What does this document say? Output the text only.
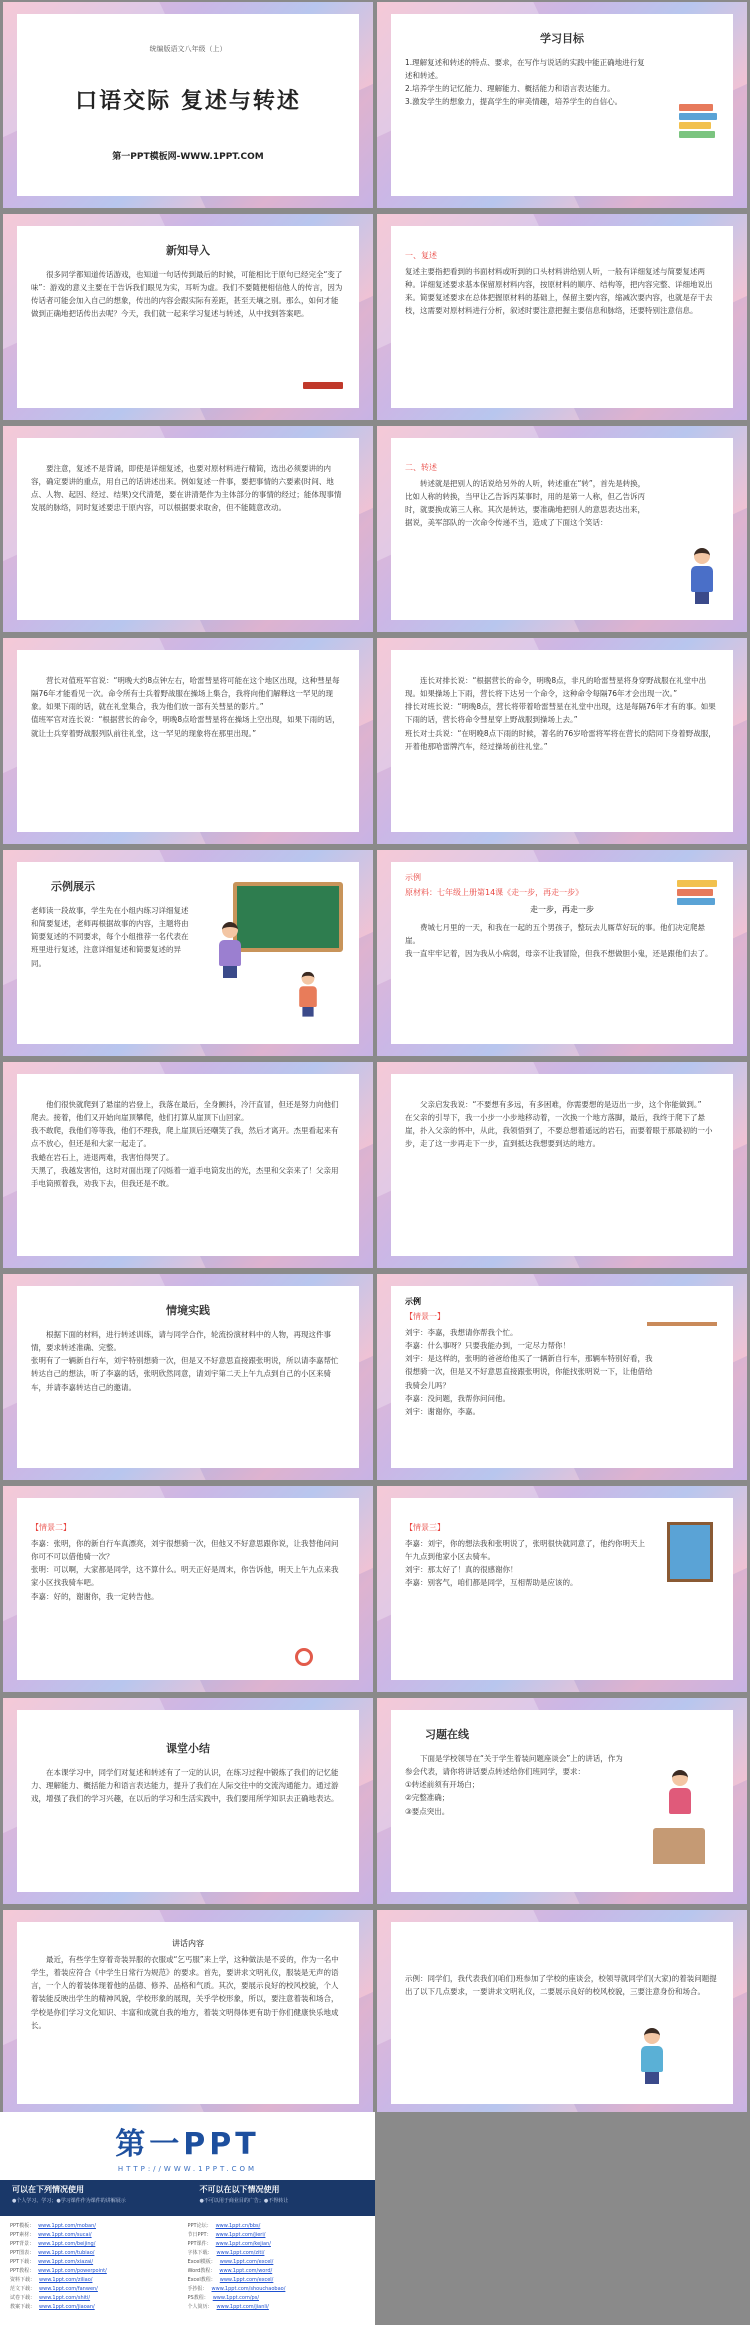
统编版语文八年级（上）
口语交际 复述与转述
第一PPT模板网-WWW.1PPT.COM
学习目标

1.理解复述和转述的特点、要求，在写作与说话的实践中能正确地进行复述和转述。

2.培养学生的记忆能力、理解能力、概括能力和语言表达能力。

3.激发学生的想象力，提高学生的审美情趣，培养学生的自信心。

新知导入

很多同学都知道传话游戏，也知道一句话传到最后的时候，可能相比于原句已经完全“变了味”：游戏的意义主要在于告诉我们眼见为实，耳听为虚。我们不要随便相信他人的传言，因为传话者可能会加入自己的想象，传出的内容会跟实际有差距，甚至天壤之别。那么，如何才能做到正确地把话传出去呢？今天，我们就一起来学习复述与转述，从中找到答案吧。

一、复述

复述主要指把看到的书面材料或听到的口头材料讲给别人听，一般有详细复述与简要复述两种。详细复述要求基本保留原材料内容，按原材料的顺序、结构等，把内容完整、详细地说出来。简要复述要求在总体把握原材料的基础上，保留主要内容，缩减次要内容，也就是存干去枝，这需要对原材料进行分析，叙述时要注意把握主要信息和脉络，还要特别注意信息。

要注意，复述不是背诵，即使是详细复述，也要对原材料进行精简，选出必须要讲的内容，确定要讲的重点，用自己的话讲述出来。例如复述一件事，要把事情的六要素(时间、地点、人物、起因、经过、结果)交代清楚，要在讲清楚作为主体部分的事情的经过；能体现事情发展的脉络，同时复述要忠于原内容，可以根据要求取舍，但不能随意改动。

二、转述

转述就是把别人的话说给另外的人听，转述重在“转”，首先是转换，比如人称的转换，当甲让乙告诉丙某事时，用的是第一人称，但乙告诉丙时，就要换成第三人称。其次是转达，要准确地把别人的意思表达出来，据说，美军部队的一次命令传递不当，造成了下面这个笑话：

营长对值班军官说：“明晚大约8点钟左右，哈雷彗星将可能在这个地区出现，这种彗星每隔76年才能看见一次。命令所有士兵着野战服在操场上集合，我将向他们解释这一罕见的现象。如果下雨的话，就在礼堂集合，我为他们放一部有关彗星的影片。”
值班军官对连长说：“根据营长的命令，明晚8点哈雷彗星将在操场上空出现，如果下雨的话，就让士兵穿着野战服列队前往礼堂，这一罕见的现象将在那里出现。”

连长对排长说：“根据营长的命令，明晚8点，非凡的哈雷彗星将身穿野战服在礼堂中出现。如果操场上下雨，营长将下达另一个命令，这种命令每隔76年才会出现一次。”
排长对班长说：“明晚8点，营长将带着哈雷彗星在礼堂中出现，这是每隔76年才有的事。如果下雨的话，营长将命令彗星穿上野战服到操场上去。”
班长对士兵说：“在明晚8点下雨的时候，著名的76岁哈雷将军将在营长的陪同下身着野战服，开着他那哈雷牌汽车，经过操场前往礼堂。”

示例展示

老师读一段故事，学生先在小组内练习详细复述和简要复述，老师再根据故事的内容，主题将由简要复述的不同要求，每个小组推荐一名代表在班里进行复述，注意详细复述和简要复述的异同。

示例
原材料：七年级上册第14课《走一步，再走一步》
走一步，再走一步

费城七月里的一天，和我在一起的五个男孩子，整玩去儿厮草好玩的事。他们决定爬悬崖。
我一直牢牢记着，因为我从小病弱，母亲不让我冒险，但我不想做胆小鬼，还是跟他们去了。

他们很快就爬到了悬崖的岩登上，我落在最后，全身颤抖，冷汗直冒，但还是努力向他们爬去。接着，他们又开始向崖顶攀爬，他们打算从崖顶下山回家。
我不敢爬，我他们等等我，他们不理我，爬上崖顶后还嘲笑了我，然后才离开。杰里看起来有点不放心，但还是和大家一起走了。
我蜷在岩石上，进退两难，我害怕得哭了。
天黑了，我越发害怕，这时对面出现了闪烁着一道手电筒发出的光，杰里和父亲来了！父亲用手电筒照着我，劝我下去，但我还是不敢。

父亲启发我说：“不要想有多远，有多困难，你需要想的是迈出一步，这个你能做到。”
在父亲的引导下，我一小步一小步地移动着，一次换一个地方落脚，最后，我终于爬下了悬崖，扑入父亲的怀中，从此，我领悟到了，不要总想着遥远的岩石，而要着眼于那最初的一小步，走了这一步再走下一步，直到抵达我想要到达的地方。

情境实践

根据下面的材料，进行转述训练，请与同学合作，轮流扮演材料中的人物，再现这件事情，要求转述准确、完整。
张明有了一辆新自行车，刘宇特别想骑一次，但是又不好意思直接跟张明说，所以请李嘉帮忙转达自己的想法，听了李嘉的话，张明欣然同意，请刘宇第二天上午九点到自己的小区来骑车，并请李嘉转达自己的邀请。

示例
【情景一】

刘宇：李嘉，我想请你帮我个忙。
李嘉：什么事呀？只要我能办到，一定尽力帮你！
刘宇：是这样的，张明的爸爸给他买了一辆新自行车，那辆车特别好看，我很想骑一次，但是又不好意思直接跟张明说，你能找张明说一下，让他借给我骑会儿吗？
李嘉：没问题，我帮你问问他。
刘宇：谢谢你，李嘉。

【情景二】

李嘉：张明，你的新自行车真漂亮，刘宇很想骑一次，但他又不好意思跟你说，让我替他问问你可不可以借他骑一次？
张明：可以啊，大家都是同学，这不算什么。明天正好是周末，你告诉他，明天上午九点来我家小区找我骑车吧。
李嘉：好的，谢谢你，我一定转告他。

【情景三】

李嘉：刘宇，你的想法我和张明说了，张明很快就同意了，他约你明天上午九点到他家小区去骑车。
刘宇：那太好了！真的很感谢你！
李嘉：别客气，咱们都是同学，互相帮助是应该的。

课堂小结

在本课学习中，同学们对复述和转述有了一定的认识，在练习过程中锻炼了我们的记忆能力、理解能力、概括能力和语言表达能力，提升了我们在人际交往中的交流沟通能力。通过游戏，增强了我们的学习兴趣，在以后的学习和生活实践中，我们要用所学知识去正确地表达。

习题在线

下面是学校领导在“关于学生着装问题座谈会”上的讲话，作为参会代表，请你将讲话要点转述给你们班同学，要求：
①转述前须有开场白；
②完整准确；
③要点突出。

讲话内容

最近，有些学生穿着奇装异服的衣服或“乞丐服”来上学，这种做法是不妥的，作为一名中学生，着装应符合《中学生日常行为规范》的要求。首先，要讲求文明礼仪，服装是无声的语言，一个人的着装体现着他的品德、修养、品格和气质。其次，要展示良好的校风校貌，个人着装能反映出学生的精神风貌，学校形象的展现，关乎学校形象，所以，要注意着装和场合，学校是你们学习文化知识、丰富和成就自我的地方，着装文明得体更有助于你们健康快乐地成长。

示例：同学们，我代表我们(咱们)班参加了学校的座谈会，校领导就同学们(大家)的着装问题提出了以下几点要求，一要讲求文明礼仪，二要展示良好的校风校貌，三要注意身份和场合。

第一PPT
HTTP://WWW.1PPT.COM
可以在下列情况使用
●个人学习、学习；●学习课件作为课件的讲解展示
不可以在以下情况使用
●不可以用于商业目的广告；●不得转让
PPT模板： www.1ppt.com/moban/
PPT素材： www.1ppt.com/sucai/
PPT背景： www.1ppt.com/beijing/
PPT图表： www.1ppt.com/tubiao/
PPT下载： www.1ppt.com/xiazai/
PPT教程： www.1ppt.com/powerpoint/
资料下载： www.1ppt.com/ziliao/
范文下载： www.1ppt.com/fanwen/
试卷下载： www.1ppt.com/shiti/
教案下载： www.1ppt.com/jiaoan/
PPT论坛： www.1ppt.cn/bbs/
节日PPT： www.1ppt.com/jieri/
PPT课件： www.1ppt.com/kejian/
字体下载： www.1ppt.com/ziti/
Excel模板： www.1ppt.com/excel/
Word教程： www.1ppt.com/word/
Excel教程： www.1ppt.com/excel/
手抄报： www.1ppt.com/shouchaobao/
PS教程： www.1ppt.com/ps/
个人简历： www.1ppt.com/jianli/
